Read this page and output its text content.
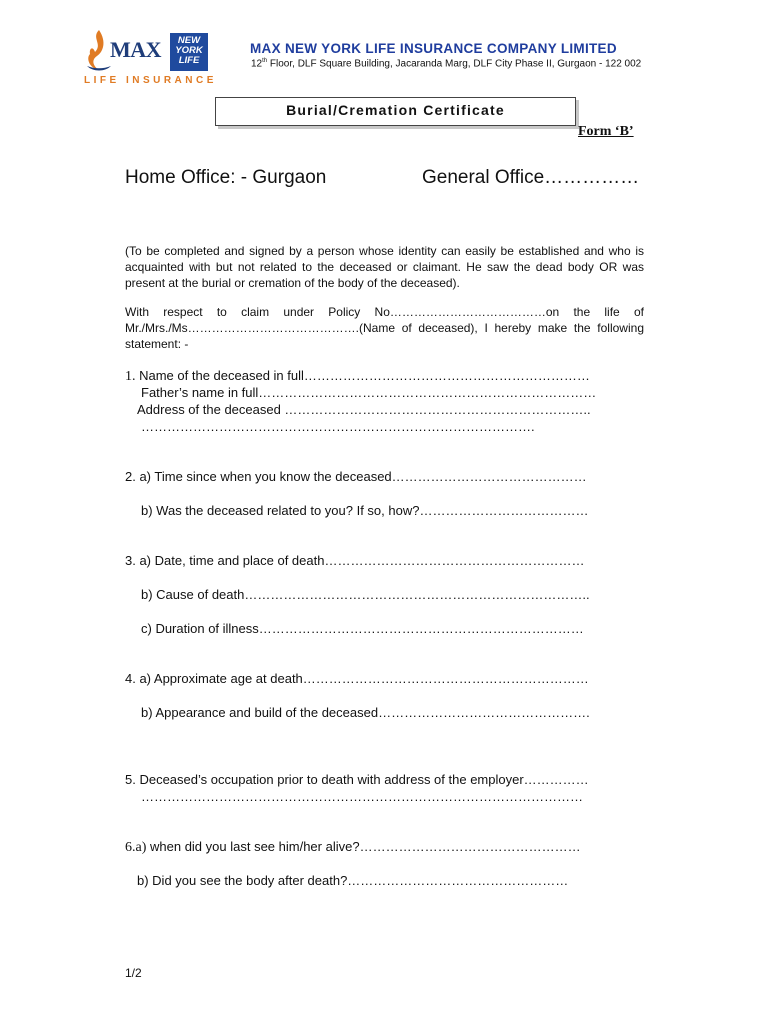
MAX	NEW
YORK
LIFE
LIFE INSURANCE
MAX NEW YORK LIFE INSURANCE COMPANY LIMITED
12th Floor, DLF Square Building, Jacaranda Marg, DLF City Phase II, Gurgaon - 122 002
Burial/Cremation Certificate
Form ‘B’
Home Office: - Gurgaon	General Office……………
(To be completed and signed by a person whose identity can easily be established and who is acquainted with but not related to the deceased or claimant. He saw the dead body OR was present at the burial or cremation of the body of the deceased).
With respect to claim under Policy No…………………………………on the life of Mr./Mrs./Ms…………………………………….(Name of deceased), I hereby make the following statement: -
1. Name of the deceased in full…………………………………………………………
Father’s name in full……………………………………………………………………
Address of the deceased ……………………………………………………………..
……………………………………………………………………………….
2. a) Time since when you know the deceased………………………………………
b) Was the deceased related to you? If so, how?…………………………………
3. a) Date, time and place of death……………………………………………………
b) Cause of death……………………………………………………………………..
c) Duration of illness…………………………………………………………………
4. a) Approximate age at death…………………………………………………………
b) Appearance and build of the deceased………………………………………….
5. Deceased’s occupation prior to death with address of the employer……………
…………………………………………………………………………………………
6.a) when did you last see him/her alive?……………………………………………
b) Did you see the body after death?……………………………………………
1/2
